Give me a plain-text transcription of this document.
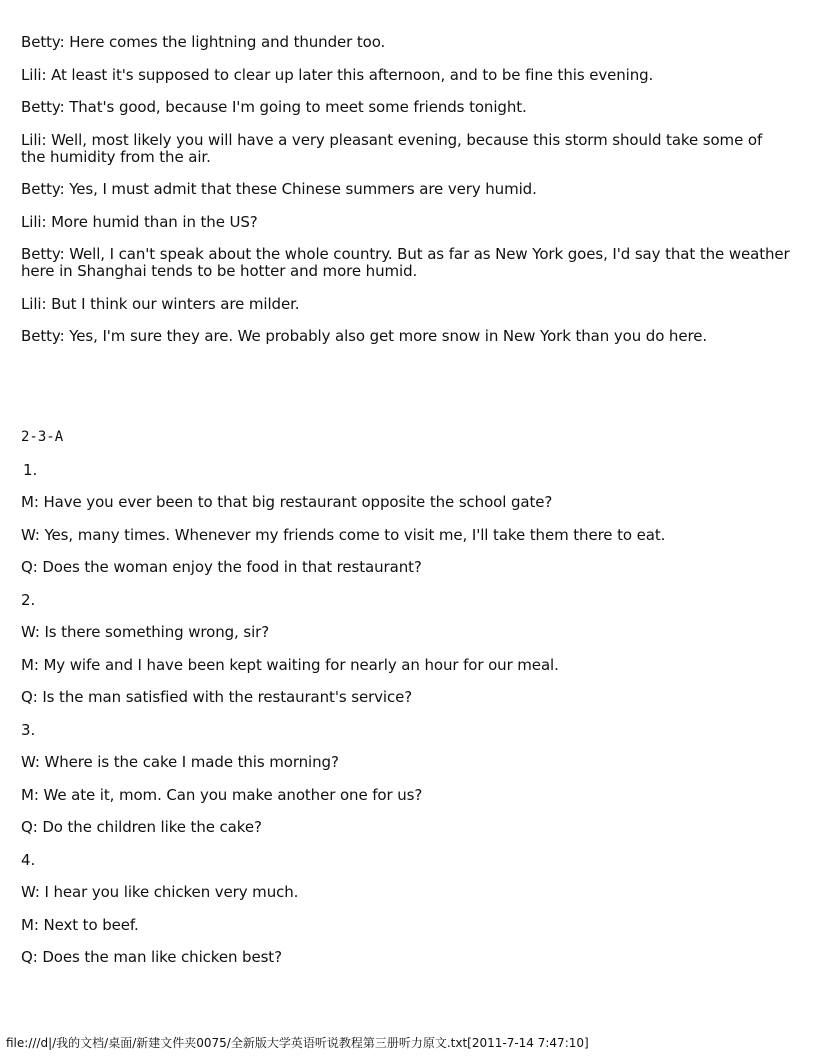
Betty: Here comes the lightning and thunder too.

Lili: At least it's supposed to clear up later this afternoon, and to be fine this evening.

Betty: That's good, because I'm going to meet some friends tonight.

Lili: Well, most likely you will have a very pleasant evening, because this storm should take some of the humidity from the air.

Betty: Yes, I must admit that these Chinese summers are very humid.

Lili: More humid than in the US?

Betty: Well, I can't speak about the whole country. But as far as New York goes, I'd say that the weather here in Shanghai tends to be hotter and more humid.

Lili: But I think our winters are milder.

Betty: Yes, I'm sure they are. We probably also get more snow in New York than you do here.

2-3-A

1.

M: Have you ever been to that big restaurant opposite the school gate?

W: Yes, many times. Whenever my friends come to visit me, I'll take them there to eat.

Q: Does the woman enjoy the food in that restaurant?

2.

W: Is there something wrong, sir?

M: My wife and I have been kept waiting for nearly an hour for our meal.

Q: Is the man satisfied with the restaurant's service?

3.

W: Where is the cake I made this morning?

M: We ate it, mom. Can you make another one for us?

Q: Do the children like the cake?

4.

W: I hear you like chicken very much.

M: Next to beef.

Q: Does the man like chicken best?

file:///d|/我的文档/桌面/新建文件夹0075/全新版大学英语听说教程第三册听力原文.txt[2011-7-14 7:47:10]
